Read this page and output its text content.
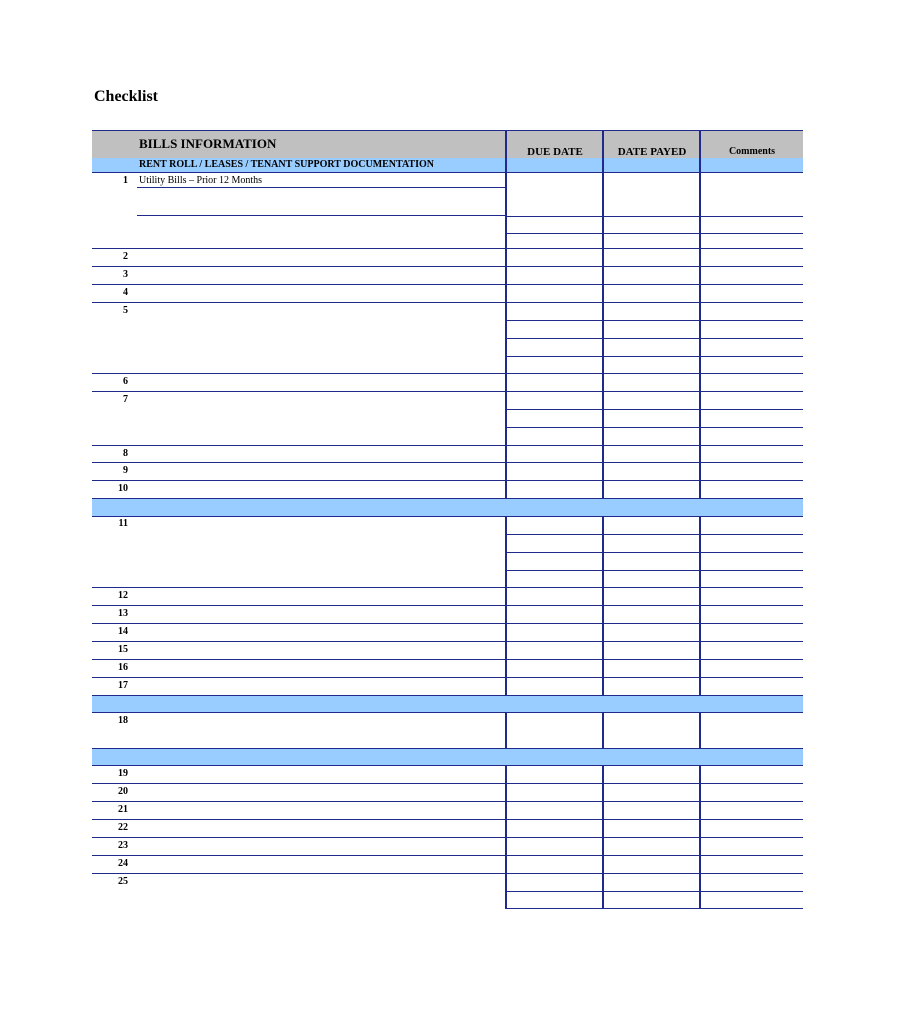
Checklist
BILLS INFORMATION
DUE DATE	DATE PAYED	Comments
RENT ROLL / LEASES / TENANT SUPPORT DOCUMENTATION
1 Utility Bills – Prior 12 Months
2
3
4
5
6
7
8
9
10
11
12
13
14
15
16
17
18
19
20
21
22
23
24
25
